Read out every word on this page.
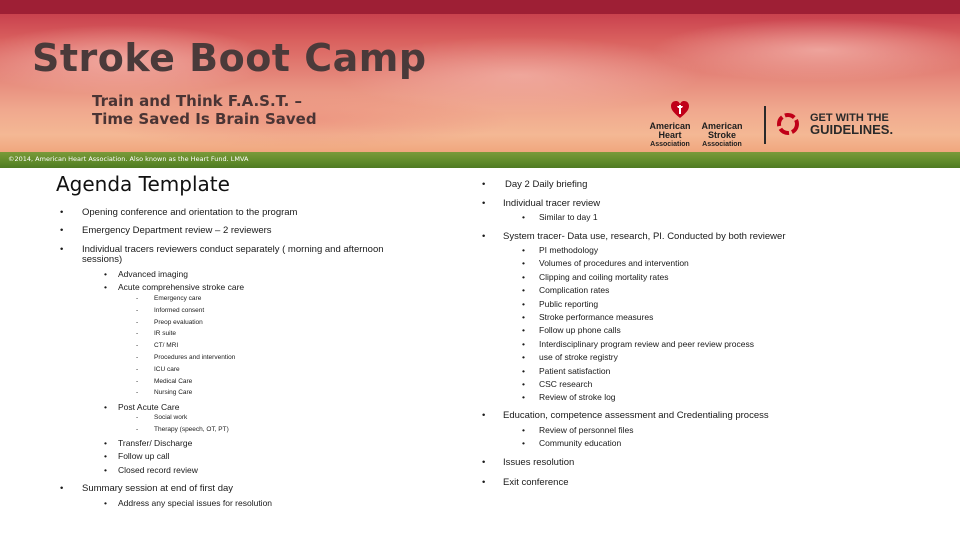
Stroke Boot Camp
Train and Think F.A.S.T. –
Time Saved Is Brain Saved	American
Heart
Association
American
Stroke
Association
GET WITH THE
GUIDELINES.
©2014, American Heart Association. Also known as the Heart Fund. LMVA
Agenda Template
• Opening conference and orientation to the program
• Emergency Department review – 2 reviewers
• Individual tracers reviewers conduct separately ( morning and afternoon
sessions)
• Advanced imaging
• Acute comprehensive stroke care
- Emergency care
- Informed consent
- Preop evaluation
- IR suite
- CT/ MRI
- Procedures and intervention
- ICU care
- Medical Care
- Nursing Care
• Post Acute Care
- Social work
- Therapy (speech, OT, PT)
• Transfer/ Discharge
• Follow up call
• Closed record review
• Summary session at end of first day
• Address any special issues for resolution
• Day 2 Daily briefing
• Individual tracer review
• Similar to day 1
• System tracer- Data use, research, PI. Conducted by both reviewer
• PI methodology
• Volumes of procedures and intervention
• Clipping and coiling mortality rates
• Complication rates
• Public reporting
• Stroke performance measures
• Follow up phone calls
• Interdisciplinary program review and peer review process
• use of stroke registry
• Patient satisfaction
• CSC research
• Review of stroke log
• Education, competence assessment and Credentialing process
• Review of personnel files
• Community education
• Issues resolution
• Exit conference
